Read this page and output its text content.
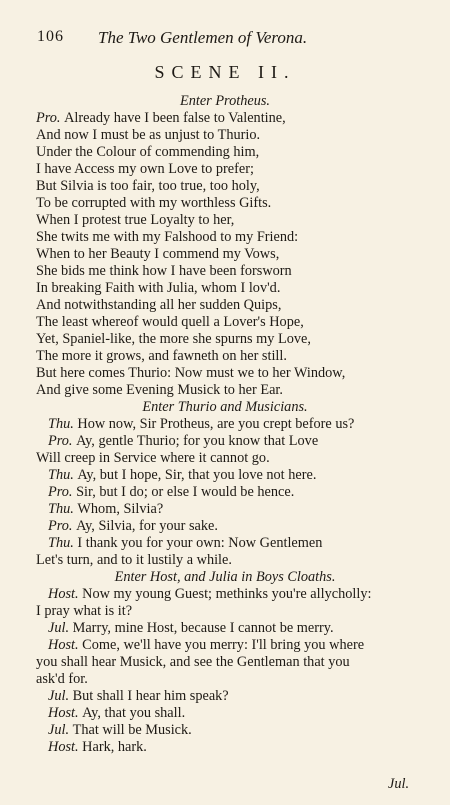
106 The Two Gentlemen of Verona.
SCENE II.
Enter Protheus.
Pro. Already have I been false to Valentine,
And now I must be as unjust to Thurio.
Under the Colour of commending him,
I have Access my own Love to prefer;
But Silvia is too fair, too true, too holy,
To be corrupted with my worthless Gifts.
When I protest true Loyalty to her,
She twits me with my Falshood to my Friend:
When to her Beauty I commend my Vows,
She bids me think how I have been forsworn
In breaking Faith with Julia, whom I lov'd.
And notwithstanding all her sudden Quips,
The least whereof would quell a Lover's Hope,
Yet, Spaniel-like, the more she spurns my Love,
The more it grows, and fawneth on her still.
But here comes Thurio: Now must we to her Window,
And give some Evening Musick to her Ear.
Enter Thurio and Musicians.
Thu. How now, Sir Protheus, are you crept before us?
Pro. Ay, gentle Thurio; for you know that Love
Will creep in Service where it cannot go.
Thu. Ay, but I hope, Sir, that you love not here.
Pro. Sir, but I do; or else I would be hence.
Thu. Whom, Silvia?
Pro. Ay, Silvia, for your sake.
Thu. I thank you for your own: Now Gentlemen
Let's turn, and to it lustily a while.
Enter Host, and Julia in Boys Cloaths.
Host. Now my young Guest; methinks you're allycholly:
I pray what is it?
Jul. Marry, mine Host, because I cannot be merry.
Host. Come, we'll have you merry: I'll bring you where
you shall hear Musick, and see the Gentleman that you
ask'd for.
Jul. But shall I hear him speak?
Host. Ay, that you shall.
Jul. That will be Musick.
Host. Hark, hark.
Jul.
